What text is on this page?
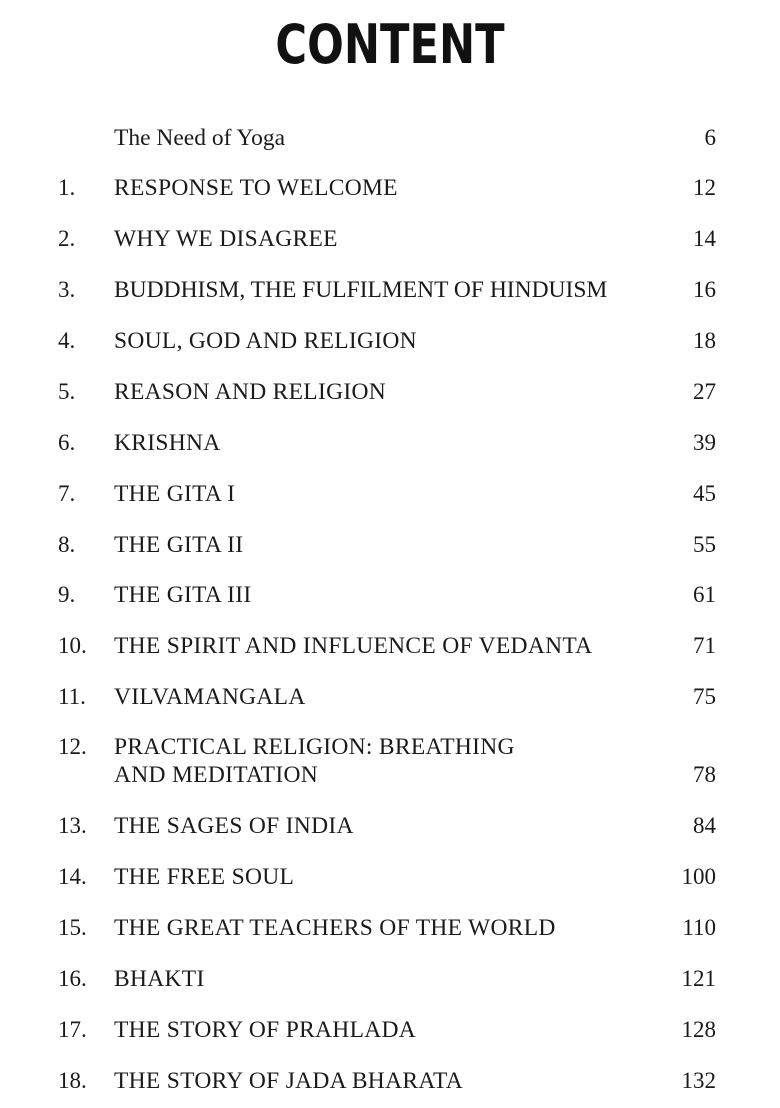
CONTENT
The Need of Yoga	6
1.	RESPONSE TO WELCOME	12
2.	WHY WE DISAGREE	14
3.	BUDDHISM, THE FULFILMENT OF HINDUISM	16
4.	SOUL, GOD AND RELIGION	18
5.	REASON AND RELIGION	27
6.	KRISHNA	39
7.	THE GITA I	45
8.	THE GITA II	55
9.	THE GITA III	61
10.	THE SPIRIT AND INFLUENCE OF VEDANTA	71
11.	VILVAMANGALA	75
12.	PRACTICAL RELIGION: BREATHING
AND MEDITATION	78
13.	THE SAGES OF INDIA	84
14.	THE FREE SOUL	100
15.	THE GREAT TEACHERS OF THE WORLD	110
16.	BHAKTI	121
17.	THE STORY OF PRAHLADA	128
18.	THE STORY OF JADA BHARATA	132
